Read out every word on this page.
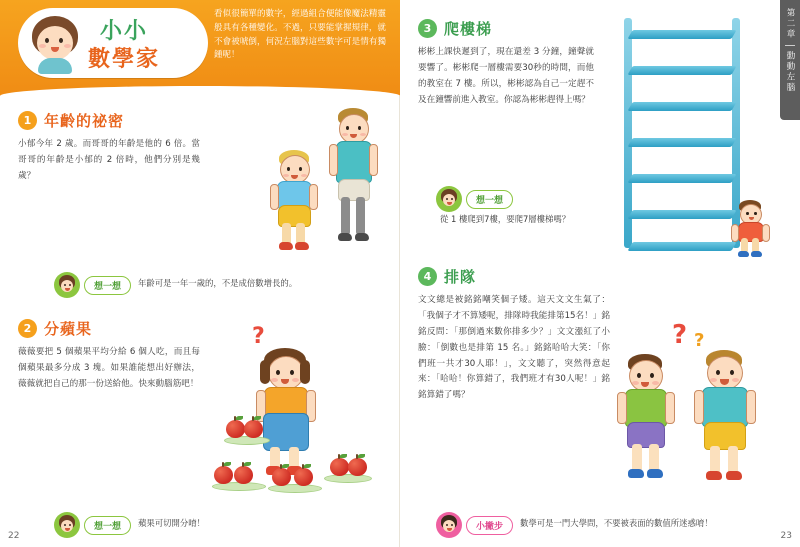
小小
數學家
看似很簡單的數字，經過組合便能像魔法精靈般具有各種變化。不過，只要能掌握規律，就不會被唬倒，何況左腦對這些數字可是情有獨鍾呢！
1 年齡的祕密
小郁今年 2 歲。而哥哥的年齡是他的 6 倍。當哥哥的年齡是小郁的 2 倍時，他們分別是幾歲？
想一想	年齡可是一年一歲的，不是成倍數增長的。
2 分蘋果
薇薇要把 5 個蘋果平均分給 6 個人吃，而且每個蘋果最多分成 3 塊。如果誰能想出好辦法，薇薇就把自己的那一份送給他。快來動腦筋吧！
?
想一想	蘋果可切開分唷！
22
第二章
動動左腦
3 爬樓梯
彬彬上課快遲到了，現在還差 3 分鐘，鐘聲就要響了。彬彬爬一層樓需要30秒的時間，而他的教室在 7 樓。所以，彬彬認為自己一定趕不及在鐘響前進入教室。你認為彬彬趕得上嗎？
想一想
從 1 樓爬到7樓，要爬7層樓梯嗎？
4 排隊
文文總是被銘銘嘲笑個子矮。這天文文生氣了：「我個子才不算矮呢，排隊時我能排第15名！」銘銘反問：「那倒過來數你排多少？」文文漲紅了小臉：「倒數也是排第 15 名。」銘銘哈哈大笑：「你們班一共才30人耶！」，文文聽了，突然得意起來：「哈哈！你算錯了，我們班才有30人呢！」銘銘算錯了嗎？
? ?
小撇步	數學可是一門大學問，不要被表面的數值所迷惑唷！
23
